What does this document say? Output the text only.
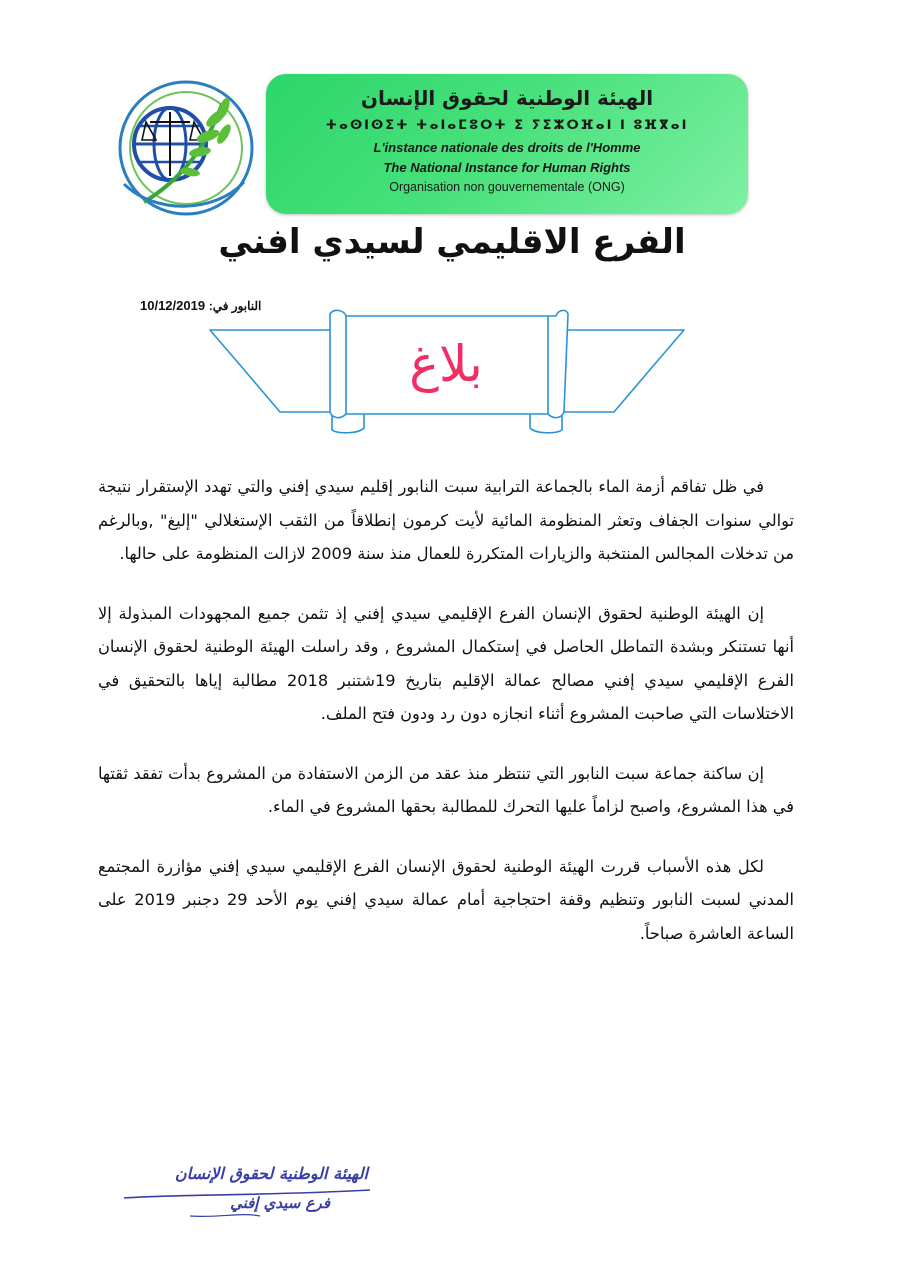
الهيئة الوطنية لحقوق الإنسان
ⵜⴰⵙⵏⵙⵉⵜ ⵜⴰⵏⴰⵎⵓⵔⵜ ⵉ ⵢⵉⵣⵔⴼⴰⵏ ⵏ ⵓⴼⴳⴰⵏ
L'instance nationale des droits de l'Homme
The National Instance for Human Rights
Organisation non gouvernementale (ONG)
الفرع الاقليمي لسيدي افني
10/12/2019 النابور في:
بلاغ

في ظل تفاقم أزمة الماء بالجماعة الترابية سبت النابور إقليم سيدي إفني والتي تهدد الإستقرار نتيجة توالي سنوات الجفاف وتعثر المنظومة المائية لأيت كرمون إنطلاقاً من الثقب الإستغلالي "إليغ" ,وبالرغم من تدخلات المجالس المنتخبة والزيارات المتكررة للعمال منذ سنة 2009 لازالت المنظومة على حالها.

إن الهيئة الوطنية لحقوق الإنسان الفرع الإقليمي سيدي إفني إذ تثمن جميع المجهودات المبذولة إلا أنها تستنكر وبشدة التماطل الحاصل في إستكمال المشروع , وقد راسلت الهيئة الوطنية لحقوق الإنسان الفرع الإقليمي سيدي إفني مصالح عمالة الإقليم بتاريخ 19شتنبر 2018 مطالبة إياها بالتحقيق في الاختلاسات التي صاحبت المشروع أثناء انجازه دون رد ودون فتح الملف.

إن ساكنة جماعة سبت النابور التي تنتظر منذ عقد من الزمن الاستفادة من المشروع بدأت تفقد ثقتها في هذا المشروع، واصبح لزاماً عليها التحرك للمطالبة بحقها المشروع في الماء.

لكل هذه الأسباب قررت الهيئة الوطنية لحقوق الإنسان الفرع الإقليمي سيدي إفني مؤازرة المجتمع المدني لسبت النابور وتنظيم وقفة احتجاجية أمام عمالة سيدي إفني يوم الأحد 29 دجنبر 2019 على الساعة العاشرة صباحاً.

الهيئة الوطنية لحقوق الإنسان
فرع سيدي إفني
